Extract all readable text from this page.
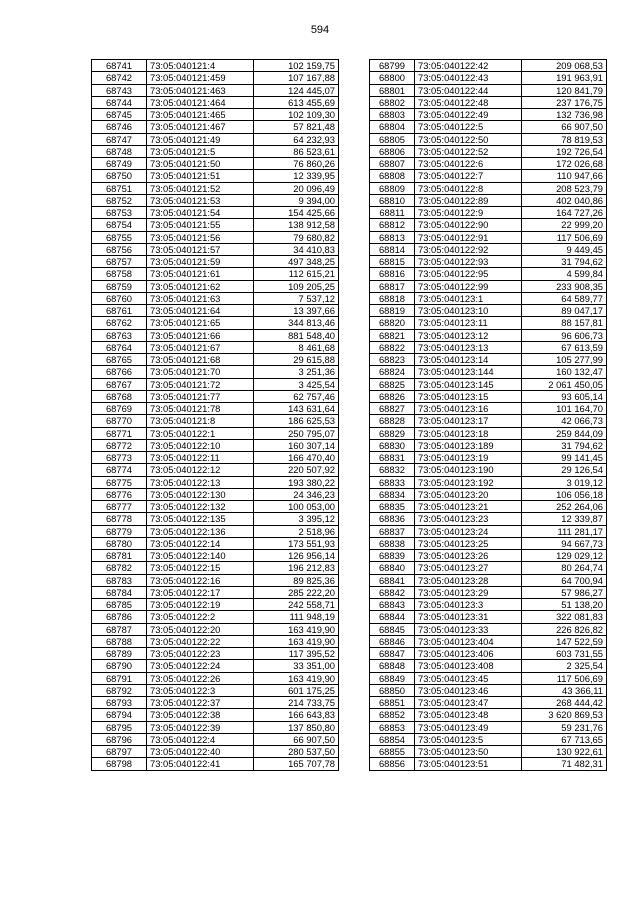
594
68741	73:05:040121:4	102 159,75
68742	73:05:040121:459	107 167,88
68743	73:05:040121:463	124 445,07
68744	73:05:040121:464	613 455,69
68745	73:05:040121:465	102 109,30
68746	73:05:040121:467	57 821,48
68747	73:05:040121:49	64 232,93
68748	73:05:040121:5	86 523,61
68749	73:05:040121:50	76 860,26
68750	73:05:040121:51	12 339,95
68751	73:05:040121:52	20 096,49
68752	73:05:040121:53	9 394,00
68753	73:05:040121:54	154 425,66
68754	73:05:040121:55	138 912,58
68755	73:05:040121:56	79 680,82
68756	73:05:040121:57	34 410,83
68757	73:05:040121:59	497 348,25
68758	73:05:040121:61	112 615,21
68759	73:05:040121:62	109 205,25
68760	73:05:040121:63	7 537,12
68761	73:05:040121:64	13 397,66
68762	73:05:040121:65	344 813,46
68763	73:05:040121:66	881 548,40
68764	73:05:040121:67	8 461,68
68765	73:05:040121:68	29 615,88
68766	73:05:040121:70	3 251,36
68767	73:05:040121:72	3 425,54
68768	73:05:040121:77	62 757,46
68769	73:05:040121:78	143 631,64
68770	73:05:040121:8	186 625,53
68771	73:05:040122:1	250 795,07
68772	73:05:040122:10	160 307,14
68773	73:05:040122:11	166 470,40
68774	73:05:040122:12	220 507,92
68775	73:05:040122:13	193 380,22
68776	73:05:040122:130	24 346,23
68777	73:05:040122:132	100 053,00
68778	73:05:040122:135	3 395,12
68779	73:05:040122:136	2 518,96
68780	73:05:040122:14	173 551,93
68781	73:05:040122:140	126 956,14
68782	73:05:040122:15	196 212,83
68783	73:05:040122:16	89 825,36
68784	73:05:040122:17	285 222,20
68785	73:05:040122:19	242 558,71
68786	73:05:040122:2	111 948,19
68787	73:05:040122:20	163 419,90
68788	73:05:040122:22	163 419,90
68789	73:05:040122:23	117 395,52
68790	73:05:040122:24	33 351,00
68791	73:05:040122:26	163 419,90
68792	73:05:040122:3	601 175,25
68793	73:05:040122:37	214 733,75
68794	73:05:040122:38	166 643,83
68795	73:05:040122:39	137 850,80
68796	73:05:040122:4	66 907,50
68797	73:05:040122:40	280 537,50
68798	73:05:040122:41	165 707,78
68799	73:05:040122:42	209 068,53
68800	73:05:040122:43	191 963,91
68801	73:05:040122:44	120 841,79
68802	73:05:040122:48	237 176,75
68803	73:05:040122:49	132 736,98
68804	73:05:040122:5	66 907,50
68805	73:05:040122:50	78 819,53
68806	73:05:040122:52	192 726,54
68807	73:05:040122:6	172 026,68
68808	73:05:040122:7	110 947,66
68809	73:05:040122:8	208 523,79
68810	73:05:040122:89	402 040,86
68811	73:05:040122:9	164 727,26
68812	73:05:040122:90	22 999,20
68813	73:05:040122:91	117 506,69
68814	73:05:040122:92	9 449,45
68815	73:05:040122:93	31 794,62
68816	73:05:040122:95	4 599,84
68817	73:05:040122:99	233 908,35
68818	73:05:040123:1	64 589,77
68819	73:05:040123:10	89 047,17
68820	73:05:040123:11	88 157,81
68821	73:05:040123:12	96 606,73
68822	73:05:040123:13	67 613,59
68823	73:05:040123:14	105 277,99
68824	73:05:040123:144	160 132,47
68825	73:05:040123:145	2 061 450,05
68826	73:05:040123:15	93 605,14
68827	73:05:040123:16	101 164,70
68828	73:05:040123:17	42 066,73
68829	73:05:040123:18	259 844,09
68830	73:05:040123:189	31 794,62
68831	73:05:040123:19	99 141,45
68832	73:05:040123:190	29 126,54
68833	73:05:040123:192	3 019,12
68834	73:05:040123:20	106 056,18
68835	73:05:040123:21	252 264,06
68836	73:05:040123:23	12 339,87
68837	73:05:040123:24	111 281,17
68838	73:05:040123:25	94 667,73
68839	73:05:040123:26	129 029,12
68840	73:05:040123:27	80 264,74
68841	73:05:040123:28	64 700,94
68842	73:05:040123:29	57 986,27
68843	73:05:040123:3	51 138,20
68844	73:05:040123:31	322 081,83
68845	73:05:040123:33	226 826,82
68846	73:05:040123:404	147 522,59
68847	73:05:040123:406	603 731,55
68848	73:05:040123:408	2 325,54
68849	73:05:040123:45	117 506,69
68850	73:05:040123:46	43 366,11
68851	73:05:040123:47	268 444,42
68852	73:05:040123:48	3 620 869,53
68853	73:05:040123:49	59 231,76
68854	73:05:040123:5	67 713,65
68855	73:05:040123:50	130 922,61
68856	73:05:040123:51	71 482,31
